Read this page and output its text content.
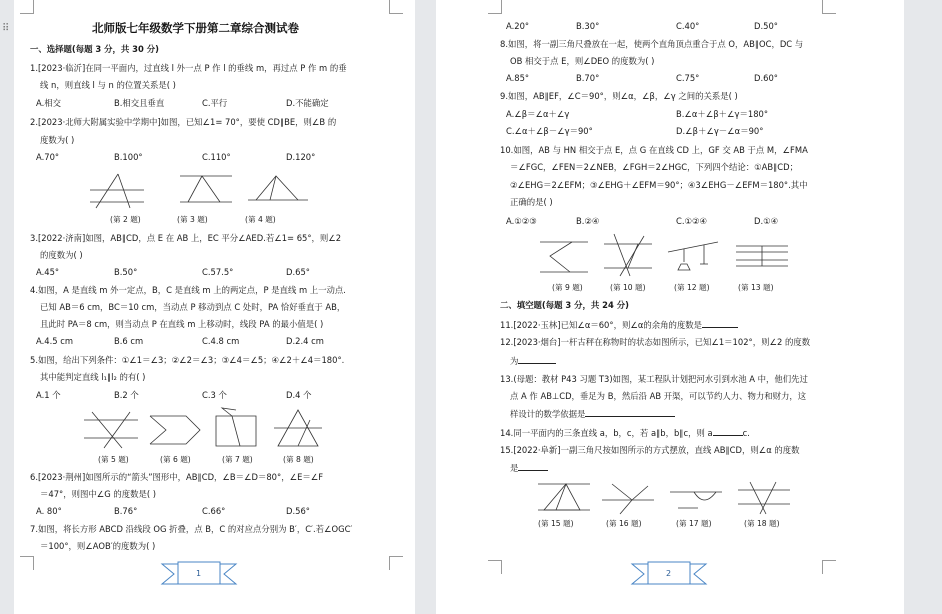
⠿	北师版七年级数学下册第二章综合测试卷
一、选择题(每题 3 分，共 30 分)
1.[2023·临沂]在同一平面内，过直线 l 外一点 P 作 l 的垂线 m，再过点 P 作 m 的垂
线 n，则直线 l 与 n 的位置关系是( )
A.相交	B.相交且垂直	C.平行	D.不能确定
2.[2023·北师大附属实验中学期中]如图，已知∠1= 70°，要使 CD∥BE，则∠B 的
度数为( )
A.70°	B.100°	C.110°	D.120°
(第 2 题)	(第 3 题)	(第 4 题)
3.[2022·济南]如图，AB∥CD，点 E 在 AB 上，EC 平分∠AED.若∠1= 65°，则∠2
的度数为( )
A.45°	B.50°	C.57.5°	D.65°
4.如图，A 是直线 m 外一定点，B，C 是直线 m 上的两定点，P 是直线 m 上一动点.
已知 AB＝6 cm，BC＝10 cm，当动点 P 移动到点 C 处时，PA 恰好垂直于 AB，
且此时 PA＝8 cm，则当动点 P 在直线 m 上移动时，线段 PA 的最小值是( )
A.4.5 cm	B.6 cm	C.4.8 cm	D.2.4 cm
5.如图，给出下列条件：①∠1＝∠3；②∠2＝∠3；③∠4＝∠5；④∠2＋∠4＝180°.
其中能判定直线 l₁∥l₂ 的有( )
A.1 个	B.2 个	C.3 个	D.4 个
(第 5 题)	(第 6 题)	(第 7 题)	(第 8 题)
6.[2023·荆州]如图所示的“箭头”图形中，AB∥CD，∠B＝∠D＝80°，∠E＝∠F
＝47°，则图中∠G 的度数是( )
A. 80°	B.76°	C.66°	D.56°
7.如图，将长方形 ABCD 沿线段 OG 折叠，点 B，C 的对应点分别为 B′，C′.若∠OGC′
＝100°，则∠AOB′的度数为( )
1
A.20°	B.30°	C.40°	D.50°
8.如图，将一副三角尺叠放在一起，使两个直角顶点重合于点 O，AB∥OC，DC 与
OB 相交于点 E，则∠DEO 的度数为( )
A.85°	B.70°	C.75°	D.60°
9.如图，AB∥EF，∠C＝90°，则∠α，∠β，∠γ 之间的关系是( )
A.∠β＝∠α＋∠γ	B.∠α＋∠β＋∠γ＝180°
C.∠α＋∠β－∠γ＝90°	D.∠β＋∠γ－∠α＝90°
10.如图，AB 与 HN 相交于点 E，点 G 在直线 CD 上，GF 交 AB 于点 M，∠FMA
＝∠FGC，∠FEN＝2∠NEB，∠FGH＝2∠HGC，下列四个结论：①AB∥CD；
②∠EHG＝2∠EFM；③∠EHG＋∠EFM＝90°；④3∠EHG－∠EFM＝180°.其中
正确的是( )
A.①②③	B.②④	C.①②④	D.①④
(第 9 题)	(第 10 题)	(第 12 题)	(第 13 题)
二、填空题(每题 3 分，共 24 分)
11.[2022·玉林]已知∠α＝60°，则∠α的余角的度数是
12.[2023·烟台]一杆古秤在称物时的状态如图所示，已知∠1＝102°，则∠2 的度数
为
13.(母题：教材 P43 习题 T3)如图，某工程队计划把河水引到水池 A 中，他们先过
点 A 作 AB⊥CD，垂足为 B，然后沿 AB 开渠，可以节约人力、物力和财力，这
样设计的数学依据是
14.同一平面内的三条直线 a，b，c，若 a∥b，b∥c，则 a	c.
15.[2022·阜新]一副三角尺按如图所示的方式摆放，直线 AB∥CD，则∠α 的度数
是
(第 15 题)	(第 16 题)	(第 17 题)	(第 18 题)
2
